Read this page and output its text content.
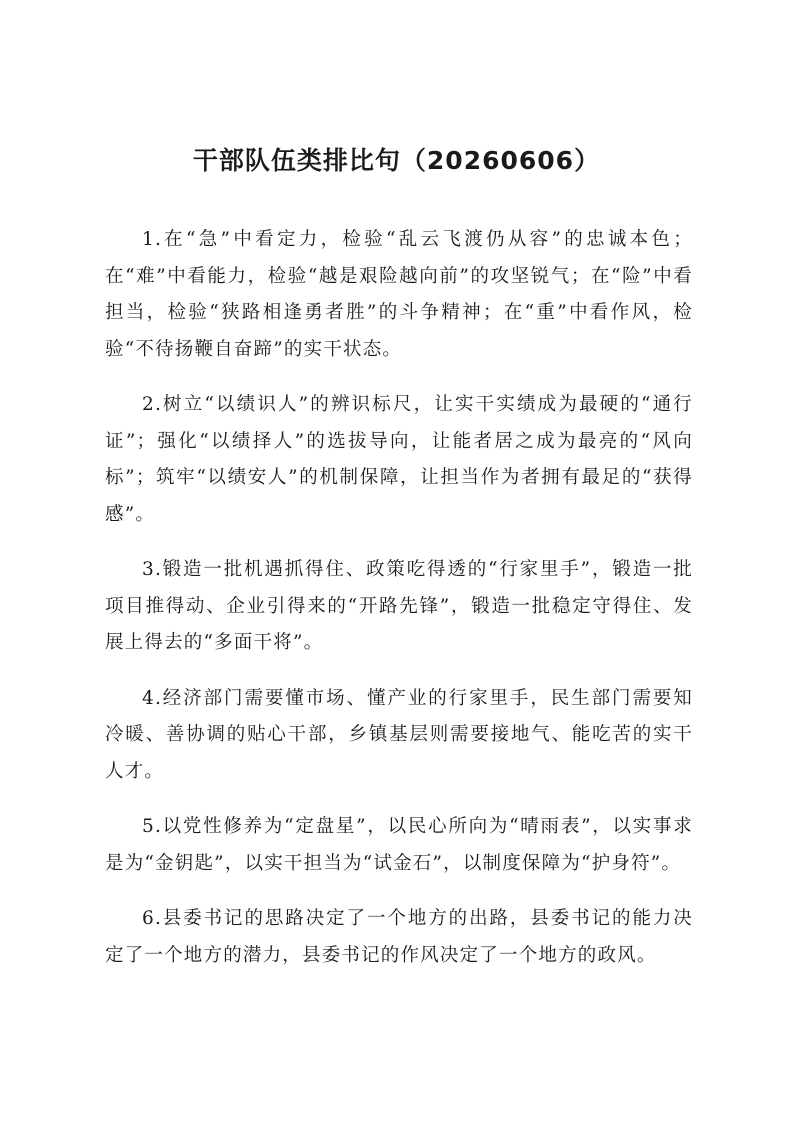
干部队伍类排比句（20260606）

1.在“急”中看定力，检验“乱云飞渡仍从容”的忠诚本色；在“难”中看能力，检验“越是艰险越向前”的攻坚锐气；在“险”中看担当，检验“狭路相逢勇者胜”的斗争精神；在“重”中看作风，检验“不待扬鞭自奋蹄”的实干状态。

2.树立“以绩识人”的辨识标尺，让实干实绩成为最硬的“通行证”；强化“以绩择人”的选拔导向，让能者居之成为最亮的“风向标”；筑牢“以绩安人”的机制保障，让担当作为者拥有最足的“获得感”。

3.锻造一批机遇抓得住、政策吃得透的“行家里手”，锻造一批项目推得动、企业引得来的“开路先锋”，锻造一批稳定守得住、发展上得去的“多面干将”。

4.经济部门需要懂市场、懂产业的行家里手，民生部门需要知冷暖、善协调的贴心干部，乡镇基层则需要接地气、能吃苦的实干人才。

5.以党性修养为“定盘星”，以民心所向为“晴雨表”，以实事求是为“金钥匙”，以实干担当为“试金石”，以制度保障为“护身符”。

6.县委书记的思路决定了一个地方的出路，县委书记的能力决定了一个地方的潜力，县委书记的作风决定了一个地方的政风。
